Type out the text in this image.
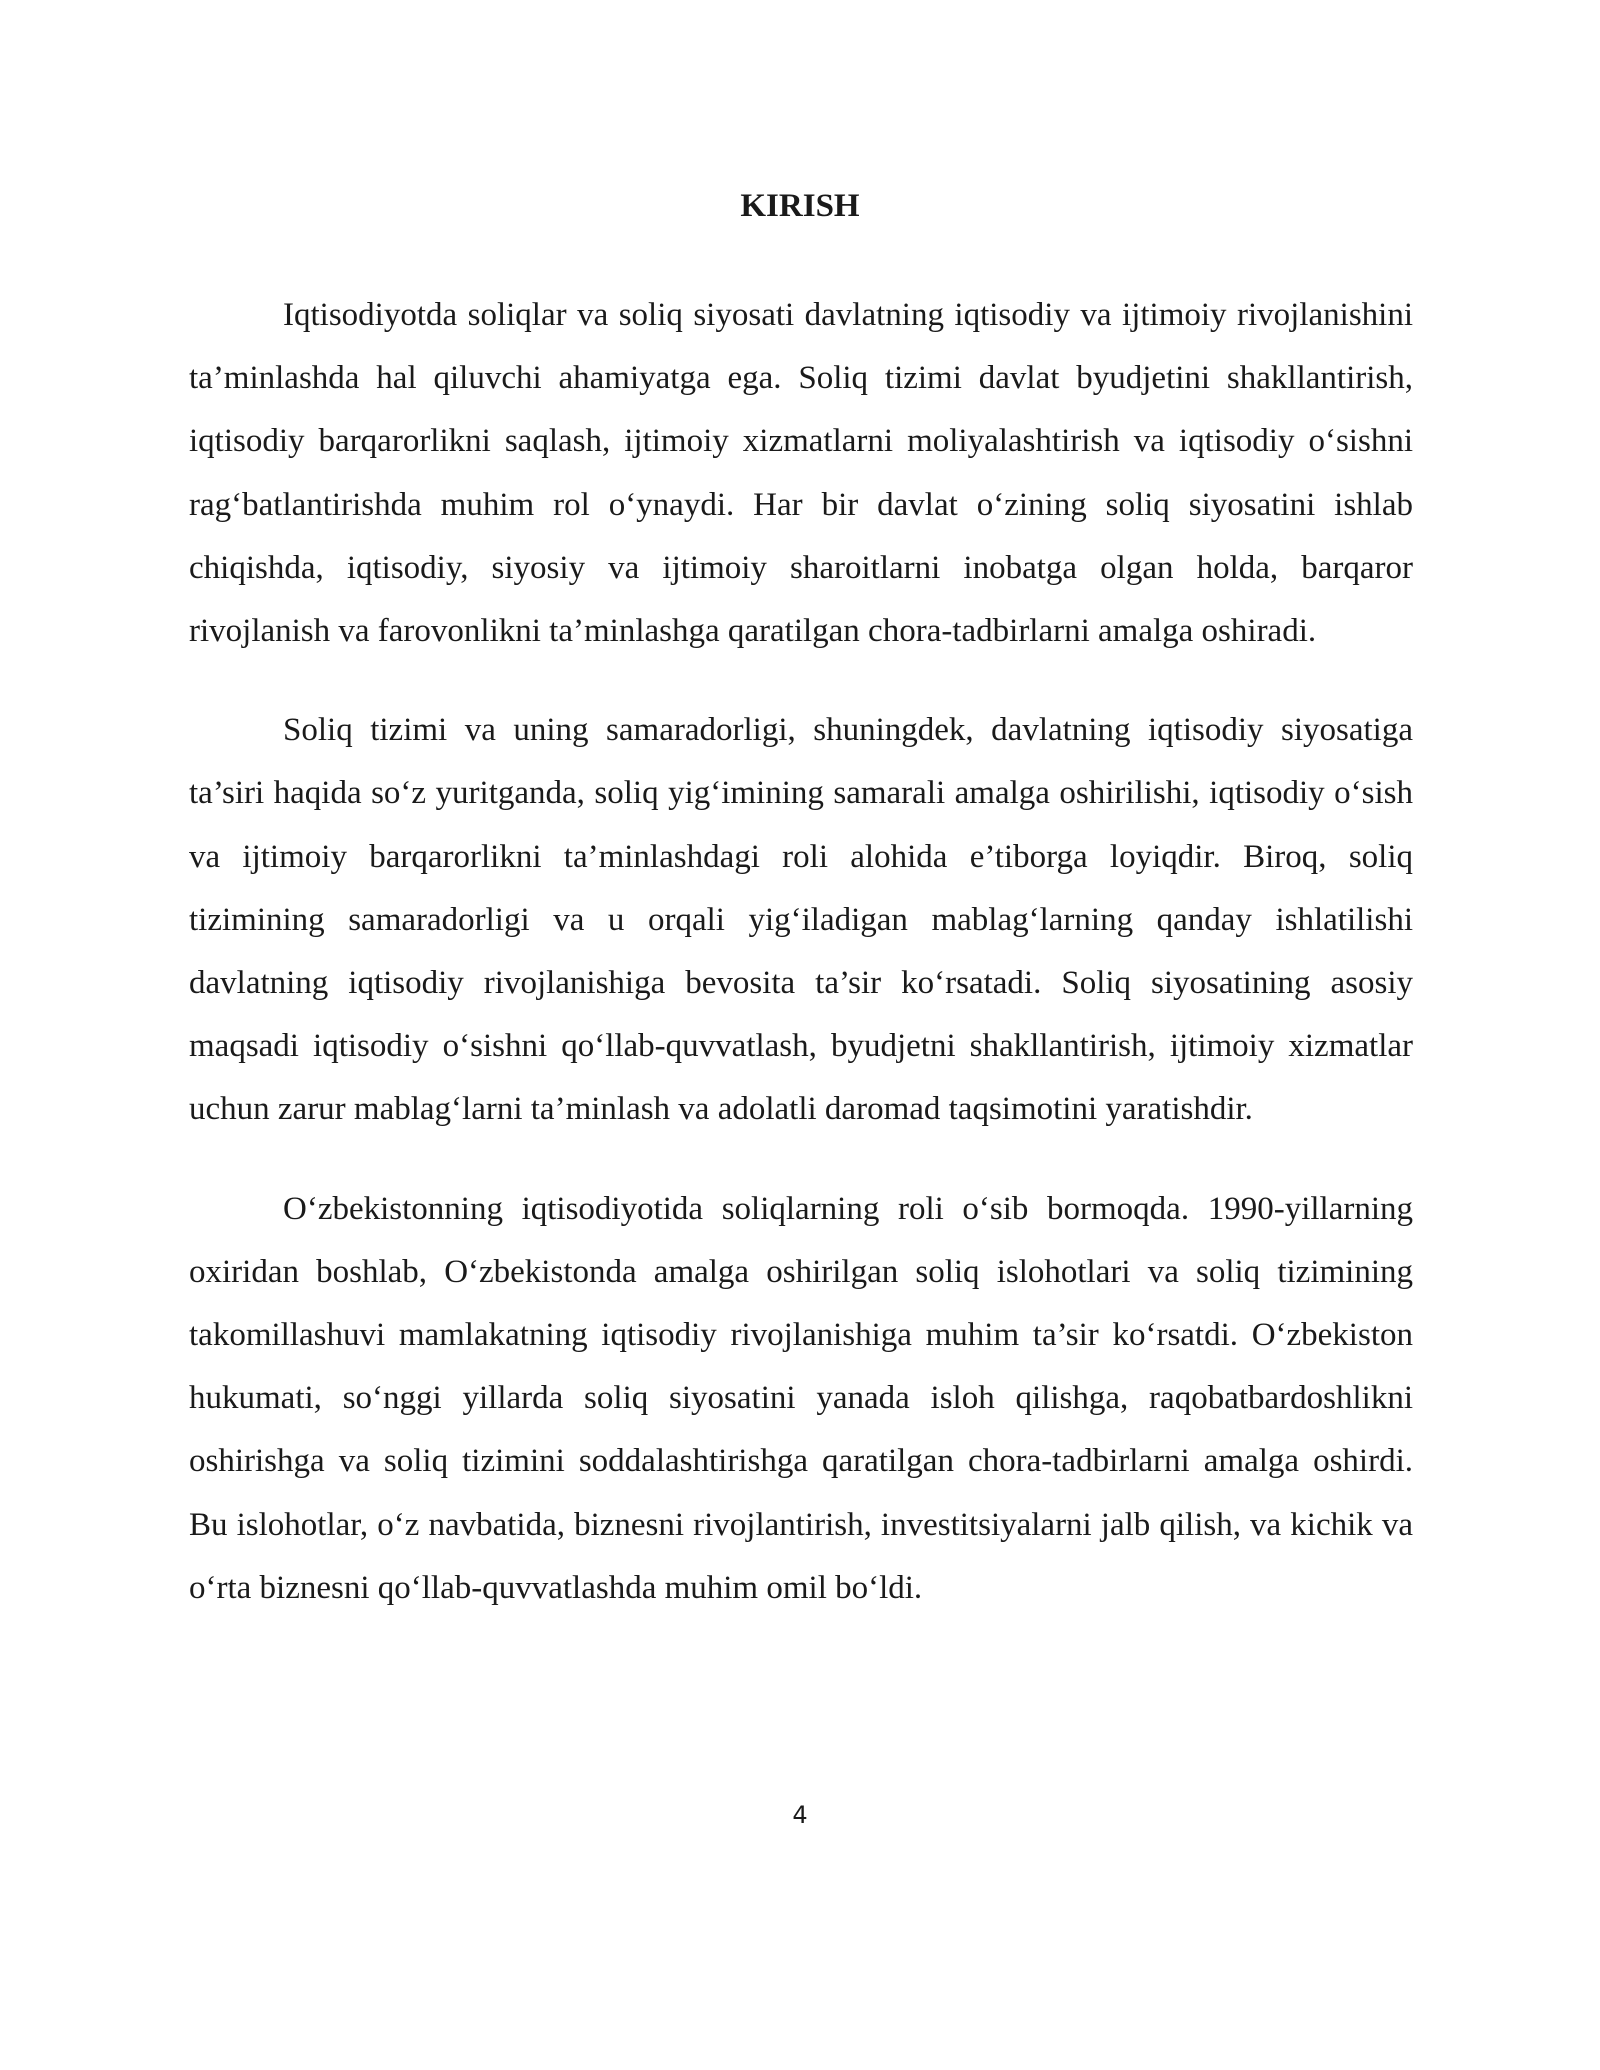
KIRISH

Iqtisodiyotda soliqlar va soliq siyosati davlatning iqtisodiy va ijtimoiy rivojlanishini ta’minlashda hal qiluvchi ahamiyatga ega. Soliq tizimi davlat byudjetini shakllantirish, iqtisodiy barqarorlikni saqlash, ijtimoiy xizmatlarni moliyalashtirish va iqtisodiy o‘sishni rag‘batlantirishda muhim rol o‘ynaydi. Har bir davlat o‘zining soliq siyosatini ishlab chiqishda, iqtisodiy, siyosiy va ijtimoiy sharoitlarni inobatga olgan holda, barqaror rivojlanish va farovonlikni ta’minlashga qaratilgan chora-tadbirlarni amalga oshiradi.

Soliq tizimi va uning samaradorligi, shuningdek, davlatning iqtisodiy siyosatiga ta’siri haqida so‘z yuritganda, soliq yig‘imining samarali amalga oshirilishi, iqtisodiy o‘sish va ijtimoiy barqarorlikni ta’minlashdagi roli alohida e’tiborga loyiqdir. Biroq, soliq tizimining samaradorligi va u orqali yig‘iladigan mablag‘larning qanday ishlatilishi davlatning iqtisodiy rivojlanishiga bevosita ta’sir ko‘rsatadi. Soliq siyosatining asosiy maqsadi iqtisodiy o‘sishni qo‘llab-quvvatlash, byudjetni shakllantirish, ijtimoiy xizmatlar uchun zarur mablag‘larni ta’minlash va adolatli daromad taqsimotini yaratishdir.

O‘zbekistonning iqtisodiyotida soliqlarning roli o‘sib bormoqda. 1990-yillarning oxiridan boshlab, O‘zbekistonda amalga oshirilgan soliq islohotlari va soliq tizimining takomillashuvi mamlakatning iqtisodiy rivojlanishiga muhim ta’sir ko‘rsatdi. O‘zbekiston hukumati, so‘nggi yillarda soliq siyosatini yanada isloh qilishga, raqobatbardoshlikni oshirishga va soliq tizimini soddalashtirishga qaratilgan chora-tadbirlarni amalga oshirdi. Bu islohotlar, o‘z navbatida, biznesni rivojlantirish, investitsiyalarni jalb qilish, va kichik va o‘rta biznesni qo‘llab-quvvatlashda muhim omil bo‘ldi.

4
